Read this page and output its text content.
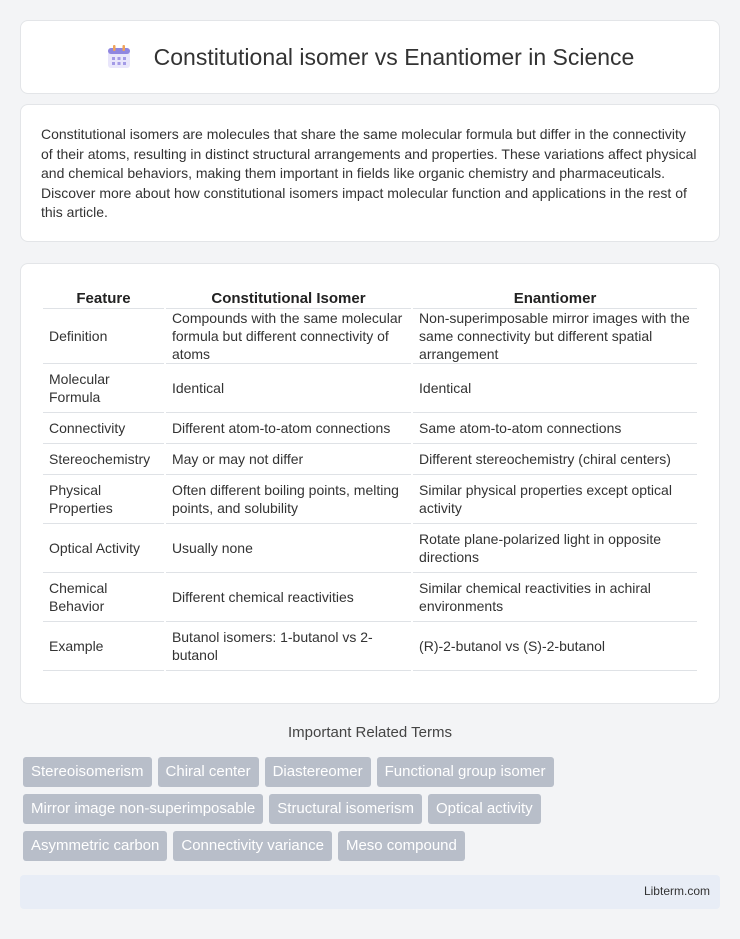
Constitutional isomer vs Enantiomer in Science

Constitutional isomers are molecules that share the same molecular formula but differ in the connectivity of their atoms, resulting in distinct structural arrangements and properties. These variations affect physical and chemical behaviors, making them important in fields like organic chemistry and pharmaceuticals. Discover more about how constitutional isomers impact molecular function and applications in the rest of this article.

Feature	Constitutional Isomer	Enantiomer
Definition	Compounds with the same molecular formula but different connectivity of atoms	Non-superimposable mirror images with the same connectivity but different spatial arrangement
Molecular Formula	Identical	Identical
Connectivity	Different atom-to-atom connections	Same atom-to-atom connections
Stereochemistry	May or may not differ	Different stereochemistry (chiral centers)
Physical Properties	Often different boiling points, melting points, and solubility	Similar physical properties except optical activity
Optical Activity	Usually none	Rotate plane-polarized light in opposite directions
Chemical Behavior	Different chemical reactivities	Similar chemical reactivities in achiral environments
Example	Butanol isomers: 1-butanol vs 2-butanol	(R)-2-butanol vs (S)-2-butanol
Important Related Terms
Stereoisomerism	Chiral center	Diastereomer	Functional group isomer
Mirror image non-superimposable	Structural isomerism	Optical activity
Asymmetric carbon	Connectivity variance	Meso compound
Libterm.com
